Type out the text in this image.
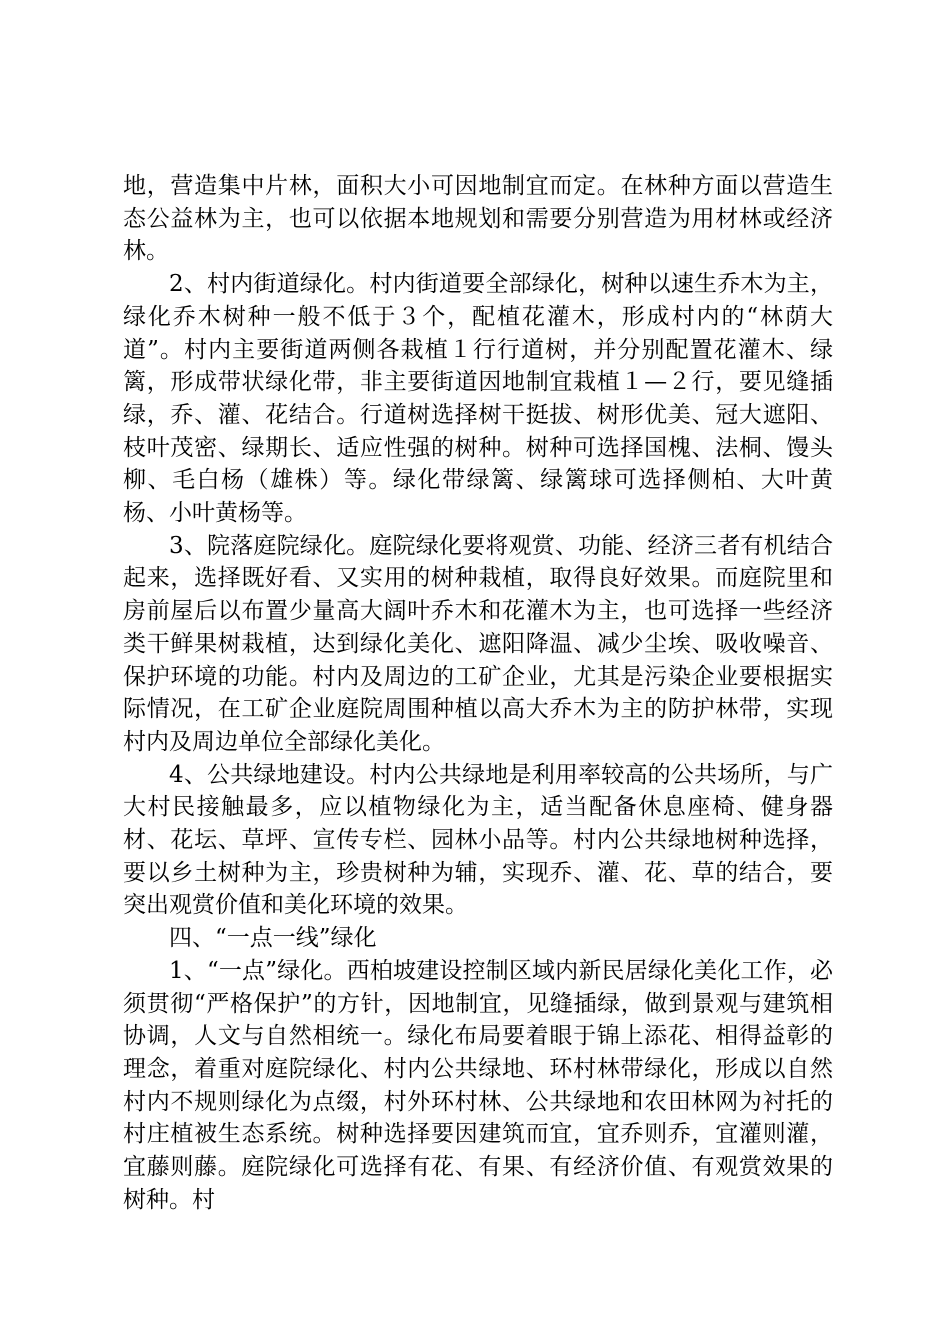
地，营造集中片林，面积大小可因地制宜而定。在林种方面以营造生态公益林为主，也可以依据本地规划和需要分别营造为用材林或经济林。

2、村内街道绿化。村内街道要全部绿化，树种以速生乔木为主，绿化乔木树种一般不低于３个，配植花灌木，形成村内的“林荫大道”。村内主要街道两侧各栽植１行行道树，并分别配置花灌木、绿篱，形成带状绿化带，非主要街道因地制宜栽植１—２行，要见缝插绿，乔、灌、花结合。行道树选择树干挺拔、树形优美、冠大遮阳、枝叶茂密、绿期长、适应性强的树种。树种可选择国槐、法桐、馒头柳、毛白杨（雄株）等。绿化带绿篱、绿篱球可选择侧柏、大叶黄杨、小叶黄杨等。

3、院落庭院绿化。庭院绿化要将观赏、功能、经济三者有机结合起来，选择既好看、又实用的树种栽植，取得良好效果。而庭院里和房前屋后以布置少量高大阔叶乔木和花灌木为主，也可选择一些经济类干鲜果树栽植，达到绿化美化、遮阳降温、减少尘埃、吸收噪音、保护环境的功能。村内及周边的工矿企业，尤其是污染企业要根据实际情况，在工矿企业庭院周围种植以高大乔木为主的防护林带，实现村内及周边单位全部绿化美化。

4、公共绿地建设。村内公共绿地是利用率较高的公共场所，与广大村民接触最多，应以植物绿化为主，适当配备休息座椅、健身器材、花坛、草坪、宣传专栏、园林小品等。村内公共绿地树种选择，要以乡土树种为主，珍贵树种为辅，实现乔、灌、花、草的结合，要突出观赏价值和美化环境的效果。

四、“一点一线”绿化

1、“一点”绿化。西柏坡建设控制区域内新民居绿化美化工作，必须贯彻“严格保护”的方针，因地制宜，见缝插绿，做到景观与建筑相协调，人文与自然相统一。绿化布局要着眼于锦上添花、相得益彰的理念，着重对庭院绿化、村内公共绿地、环村林带绿化，形成以自然村内不规则绿化为点缀，村外环村林、公共绿地和农田林网为衬托的村庄植被生态系统。树种选择要因建筑而宜，宜乔则乔，宜灌则灌，宜藤则藤。庭院绿化可选择有花、有果、有经济价值、有观赏效果的树种。村
